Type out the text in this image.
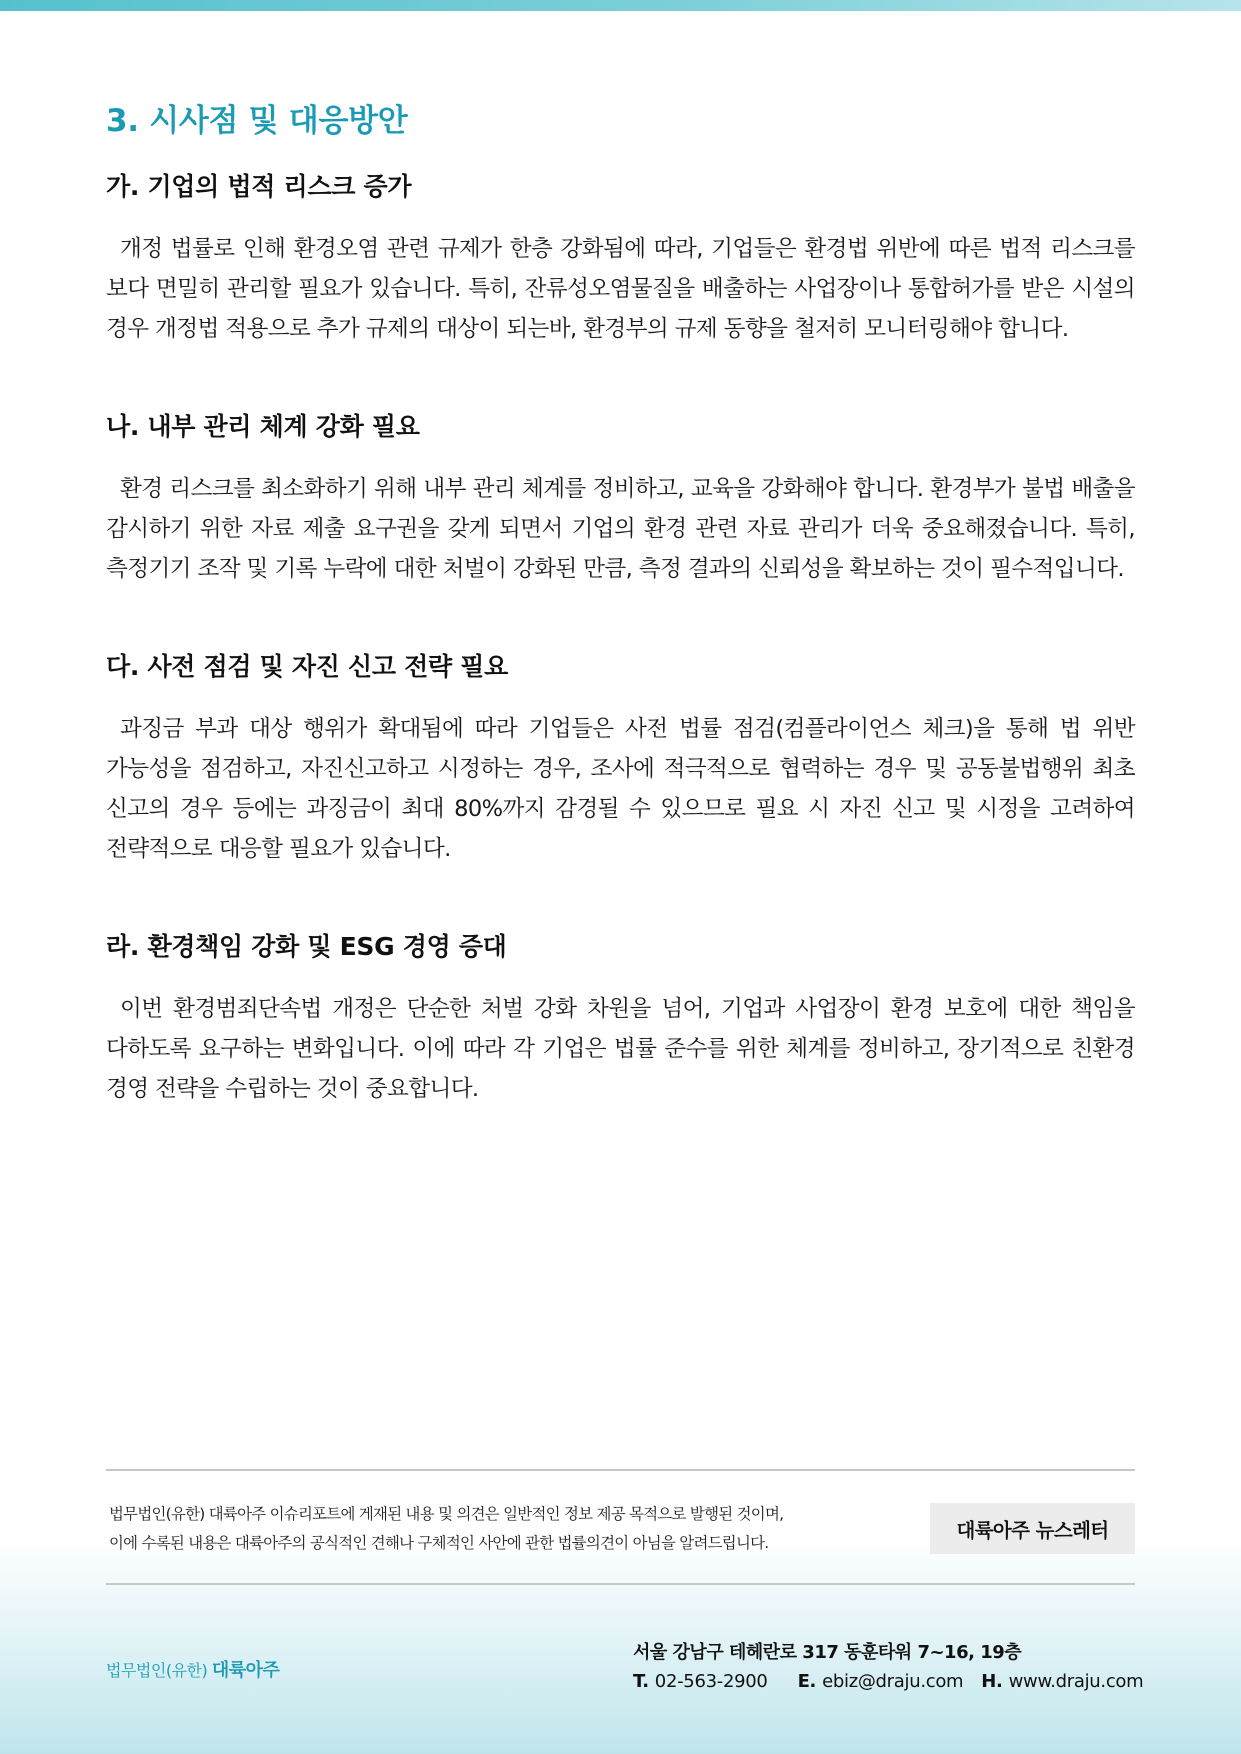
3. 시사점 및 대응방안
가. 기업의 법적 리스크 증가

개정 법률로 인해 환경오염 관련 규제가 한층 강화됨에 따라, 기업들은 환경법 위반에 따른 법적 리스크를 보다 면밀히 관리할 필요가 있습니다. 특히, 잔류성오염물질을 배출하는 사업장이나 통합허가를 받은 시설의 경우 개정법 적용으로 추가 규제의 대상이 되는바, 환경부의 규제 동향을 철저히 모니터링해야 합니다.

나. 내부 관리 체계 강화 필요

환경 리스크를 최소화하기 위해 내부 관리 체계를 정비하고, 교육을 강화해야 합니다. 환경부가 불법 배출을 감시하기 위한 자료 제출 요구권을 갖게 되면서 기업의 환경 관련 자료 관리가 더욱 중요해졌습니다. 특히, 측정기기 조작 및 기록 누락에 대한 처벌이 강화된 만큼, 측정 결과의 신뢰성을 확보하는 것이 필수적입니다.

다. 사전 점검 및 자진 신고 전략 필요

과징금 부과 대상 행위가 확대됨에 따라 기업들은 사전 법률 점검(컴플라이언스 체크)을 통해 법 위반 가능성을 점검하고, 자진신고하고 시정하는 경우, 조사에 적극적으로 협력하는 경우 및 공동불법행위 최초 신고의 경우 등에는 과징금이 최대 80%까지 감경될 수 있으므로 필요 시 자진 신고 및 시정을 고려하여 전략적으로 대응할 필요가 있습니다.

라. 환경책임 강화 및 ESG 경영 증대

이번 환경범죄단속법 개정은 단순한 처벌 강화 차원을 넘어, 기업과 사업장이 환경 보호에 대한 책임을 다하도록 요구하는 변화입니다. 이에 따라 각 기업은 법률 준수를 위한 체계를 정비하고, 장기적으로 친환경 경영 전략을 수립하는 것이 중요합니다.

법무법인(유한) 대륙아주 이슈리포트에 게재된 내용 및 의견은 일반적인 정보 제공 목적으로 발행된 것이며,
이에 수록된 내용은 대륙아주의 공식적인 견해나 구체적인 사안에 관한 법률의견이 아님을 알려드립니다.
대륙아주 뉴스레터
법무법인(유한) 대륙아주
서울 강남구 테헤란로 317 동훈타워 7~16, 19층
T. 02-563-2900 E. ebiz@draju.com H. www.draju.com
